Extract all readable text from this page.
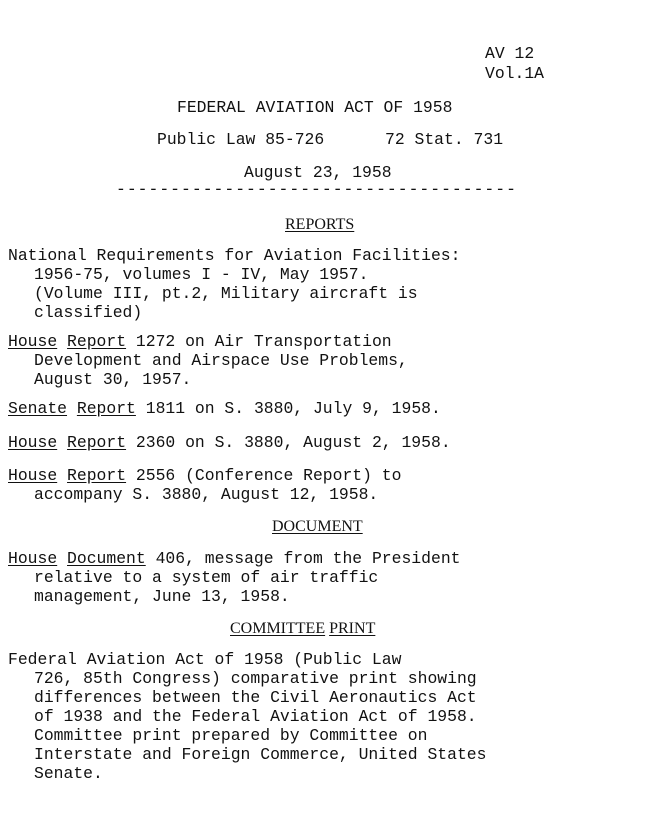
AV 12
Vol.1A
FEDERAL AVIATION ACT OF 1958
Public Law 85-726	72 Stat. 731
August 23, 1958
-------------------------------------
REPORTS
National Requirements for Aviation Facilities:
1956-75, volumes I - IV, May 1957.
(Volume III, pt.2, Military aircraft is
classified)
House Report 1272 on Air Transportation
Development and Airspace Use Problems,
August 30, 1957.
Senate Report 1811 on S. 3880, July 9, 1958.
House Report 2360 on S. 3880, August 2, 1958.
House Report 2556 (Conference Report) to
accompany S. 3880, August 12, 1958.
DOCUMENT
House Document 406, message from the President
relative to a system of air traffic
management, June 13, 1958.
COMMITTEE PRINT
Federal Aviation Act of 1958 (Public Law
726, 85th Congress) comparative print showing
differences between the Civil Aeronautics Act
of 1938 and the Federal Aviation Act of 1958.
Committee print prepared by Committee on
Interstate and Foreign Commerce, United States
Senate.
